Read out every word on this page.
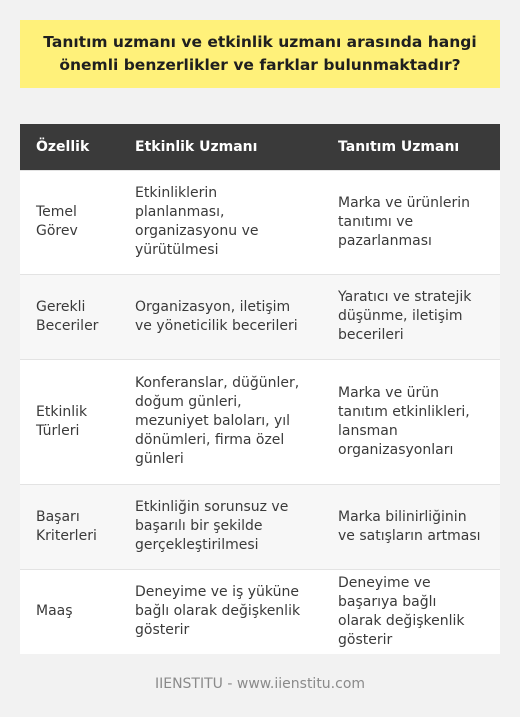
Tanıtım uzmanı ve etkinlik uzmanı arasında hangi önemli benzerlikler ve farklar bulunmaktadır?
Özellik	Etkinlik Uzmanı	Tanıtım Uzmanı
Temel Görev	Etkinliklerin planlanması, organizasyonu ve yürütülmesi	Marka ve ürünlerin tanıtımı ve pazarlanması
Gerekli Beceriler	Organizasyon, iletişim ve yöneticilik becerileri	Yaratıcı ve stratejik düşünme, iletişim becerileri
Etkinlik Türleri	Konferanslar, düğünler, doğum günleri, mezuniyet baloları, yıl dönümleri, firma özel günleri	Marka ve ürün tanıtım etkinlikleri, lansman organizasyonları
Başarı Kriterleri	Etkinliğin sorunsuz ve başarılı bir şekilde gerçekleştirilmesi	Marka bilinirliğinin ve satışların artması
Maaş	Deneyime ve iş yüküne bağlı olarak değişkenlik gösterir	Deneyime ve başarıya bağlı olarak değişkenlik gösterir
IIENSTITU - www.iienstitu.com
